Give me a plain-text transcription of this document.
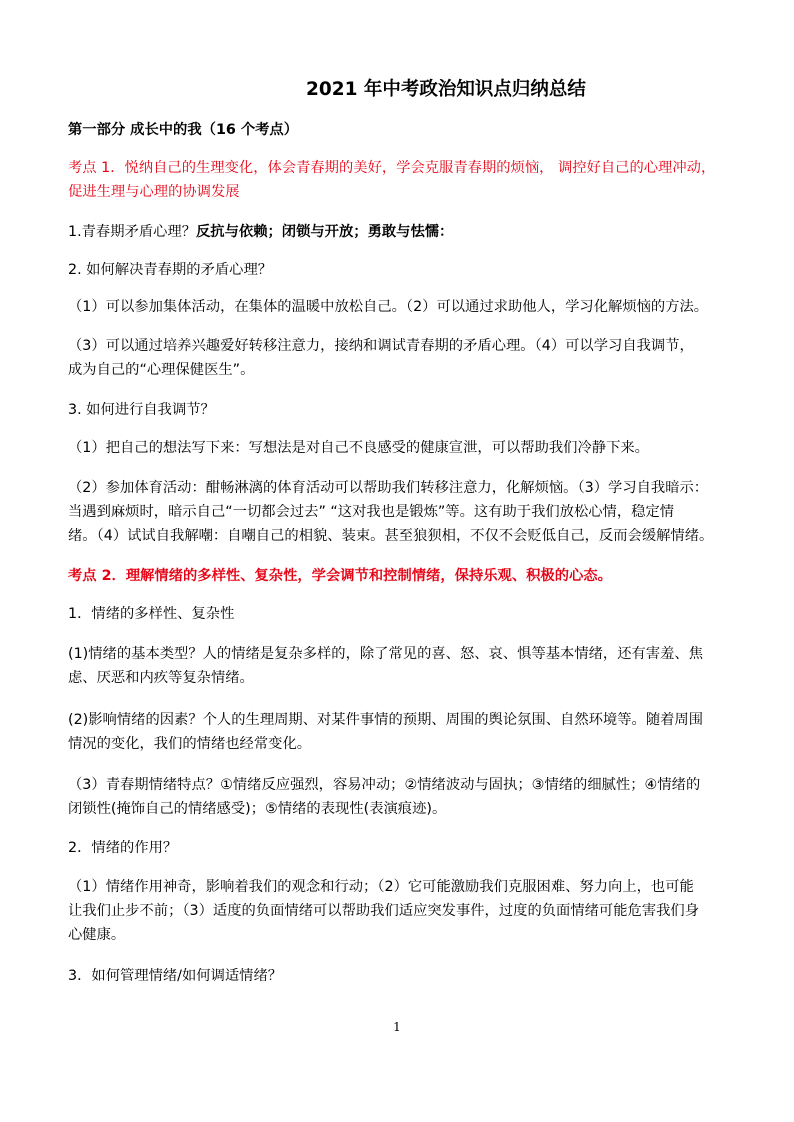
2021 年中考政治知识点归纳总结
第一部分 成长中的我（16 个考点）
考点 1．悦纳自己的生理变化，体会青春期的美好，学会克服青春期的烦恼， 调控好自己的心理冲动，
促进生理与心理的协调发展
1.青春期矛盾心理？反抗与依赖；闭锁与开放；勇敢与怯懦：
2. 如何解决青春期的矛盾心理？
（1）可以参加集体活动，在集体的温暖中放松自己。（2）可以通过求助他人，学习化解烦恼的方法。
（3）可以通过培养兴趣爱好转移注意力，接纳和调试青春期的矛盾心理。（4）可以学习自我调节，
成为自己的“心理保健医生”。
3. 如何进行自我调节？
（1）把自己的想法写下来：写想法是对自己不良感受的健康宣泄，可以帮助我们冷静下来。
（2）参加体育活动：酣畅淋漓的体育活动可以帮助我们转移注意力，化解烦恼。（3）学习自我暗示：
当遇到麻烦时，暗示自己“一切都会过去” “这对我也是锻炼”等。这有助于我们放松心情，稳定情
绪。（4）试试自我解嘲：自嘲自己的相貌、装束。甚至狼狈相，不仅不会贬低自己，反而会缓解情绪。
考点 2．理解情绪的多样性、复杂性，学会调节和控制情绪，保持乐观、积极的心态。
1．情绪的多样性、复杂性
(1)情绪的基本类型？人的情绪是复杂多样的，除了常见的喜、怒、哀、惧等基本情绪，还有害羞、焦
虑、厌恶和内疚等复杂情绪。
(2)影响情绪的因素？个人的生理周期、对某件事情的预期、周围的舆论氛围、自然环境等。随着周围
情况的变化，我们的情绪也经常变化。
（3）青春期情绪特点？①情绪反应强烈，容易冲动；②情绪波动与固执；③情绪的细腻性；④情绪的
闭锁性(掩饰自己的情绪感受)；⑤情绪的表现性(表演痕迹)。
2．情绪的作用？
（1）情绪作用神奇，影响着我们的观念和行动；（2）它可能激励我们克服困难、努力向上，也可能
让我们止步不前；（3）适度的负面情绪可以帮助我们适应突发事件，过度的负面情绪可能危害我们身
心健康。
3．如何管理情绪/如何调适情绪？
1
